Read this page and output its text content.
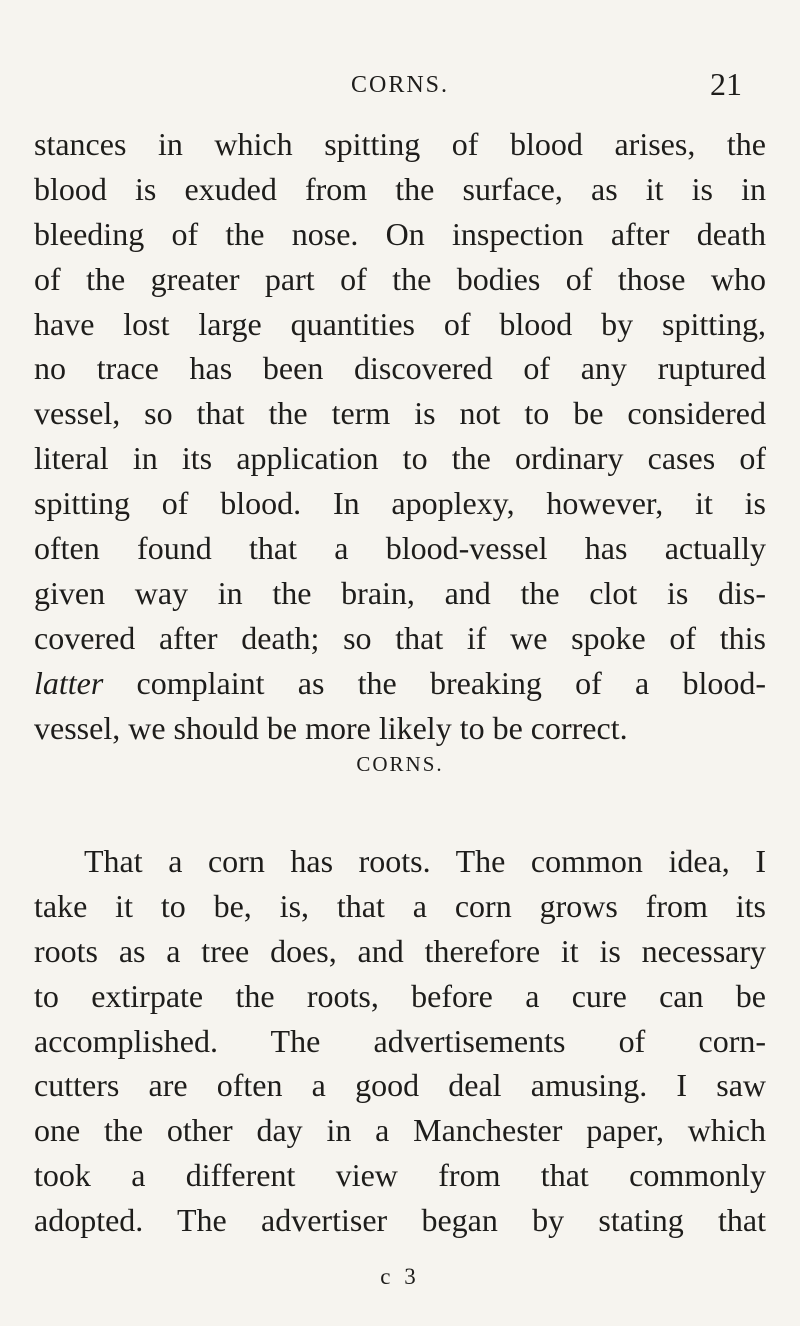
CORNS.	21
stances in which spitting of blood arises, the
blood is exuded from the surface, as it is in
bleeding of the nose. On inspection after death
of the greater part of the bodies of those who
have lost large quantities of blood by spitting,
no trace has been discovered of any ruptured
vessel, so that the term is not to be considered
literal in its application to the ordinary cases of
spitting of blood. In apoplexy, however, it is
often found that a blood-vessel has actually
given way in the brain, and the clot is dis-
covered after death; so that if we spoke of this
latter complaint as the breaking of a blood-
vessel, we should be more likely to be correct.
CORNS.
That a corn has roots. The common idea, I
take it to be, is, that a corn grows from its
roots as a tree does, and therefore it is necessary
to extirpate the roots, before a cure can be
accomplished. The advertisements of corn-
cutters are often a good deal amusing. I saw
one the other day in a Manchester paper, which
took a different view from that commonly
adopted. The advertiser began by stating that
c 3
